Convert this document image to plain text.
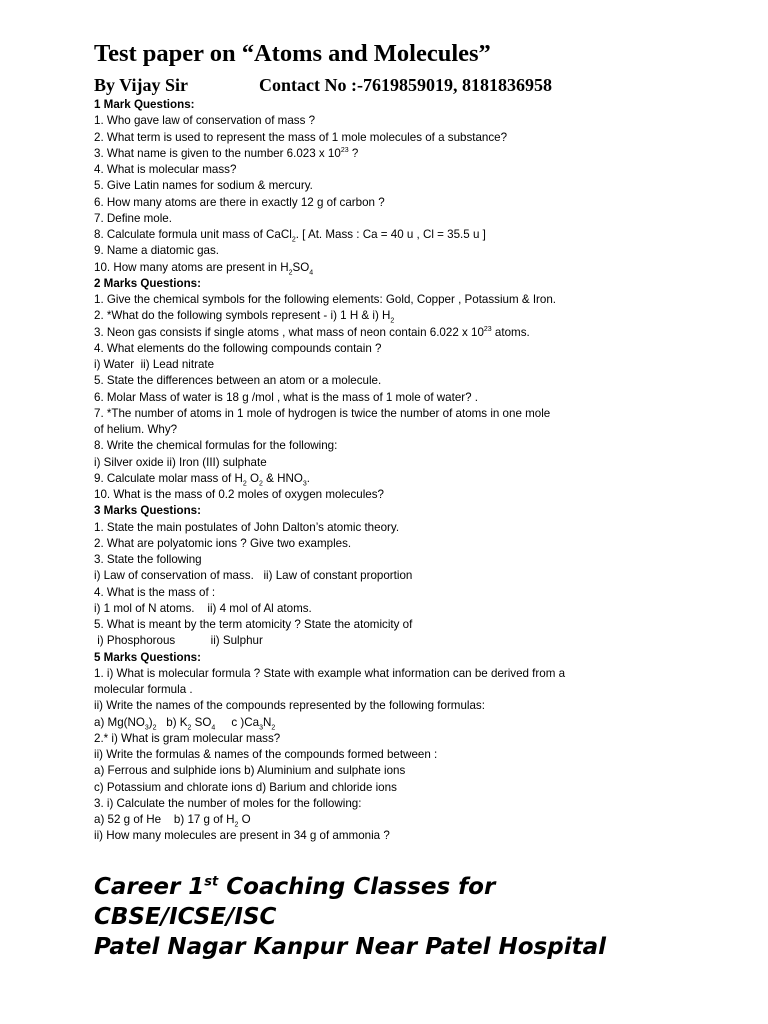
Test paper on “Atoms and Molecules”
By Vijay Sir	Contact No :-7619859019, 8181836958
1 Mark Questions:
1. Who gave law of conservation of mass ?
2. What term is used to represent the mass of 1 mole molecules of a substance?
3. What name is given to the number 6.023 x $10^{23}$ ?
4. What is molecular mass?
5. Give Latin names for sodium & mercury.
6. How many atoms are there in exactly 12 g of carbon ?
7. Define mole.
8. Calculate formula unit mass of CaCl$_2$. [ At. Mass : Ca = 40 u , Cl = 35.5 u ]
9. Name a diatomic gas.
10. How many atoms are present in $H_2SO_4$
2 Marks Questions:
1. Give the chemical symbols for the following elements: Gold, Copper , Potassium & Iron.
2. *What do the following symbols represent - i) 1 H & i) $H_2$
3. Neon gas consists if single atoms , what mass of neon contain 6.022 x $10^{23}$ atoms.
4. What elements do the following compounds contain ?
i) Water  ii) Lead nitrate
5. State the differences between an atom or a molecule.
6. Molar Mass of water is 18 g /mol , what is the mass of 1 mole of water? .
7. *The number of atoms in 1 mole of hydrogen is twice the number of atoms in one mole
of helium. Why?
8. Write the chemical formulas for the following:
i) Silver oxide ii) Iron (III) sulphate
9. Calculate molar mass of $H_2$ $O_2$ & $HNO_3$.
10. What is the mass of 0.2 moles of oxygen molecules?
3 Marks Questions:
1. State the main postulates of John Dalton’s atomic theory.
2. What are polyatomic ions ? Give two examples.
3. State the following
i) Law of conservation of mass.   ii) Law of constant proportion
4. What is the mass of :
i) 1 mol of N atoms.    ii) 4 mol of Al atoms.
5. What is meant by the term atomicity ? State the atomicity of
i) Phosphorous           ii) Sulphur
5 Marks Questions:
1. i) What is molecular formula ? State with example what information can be derived from a
molecular formula .
ii) Write the names of the compounds represented by the following formulas:
a) $Mg(NO_3)_2$   b) $K_2$ $SO_4$     c )$Ca_3N_2$
2.* i) What is gram molecular mass?
ii) Write the formulas & names of the compounds formed between :
a) Ferrous and sulphide ions b) Aluminium and sulphate ions
c) Potassium and chlorate ions d) Barium and chloride ions
3. i) Calculate the number of moles for the following:
a) 52 g of He    b) 17 g of $H_2$ O
ii) How many molecules are present in 34 g of ammonia ?
Career 1st Coaching Classes for
CBSE/ICSE/ISC
Patel Nagar Kanpur Near Patel Hospital
